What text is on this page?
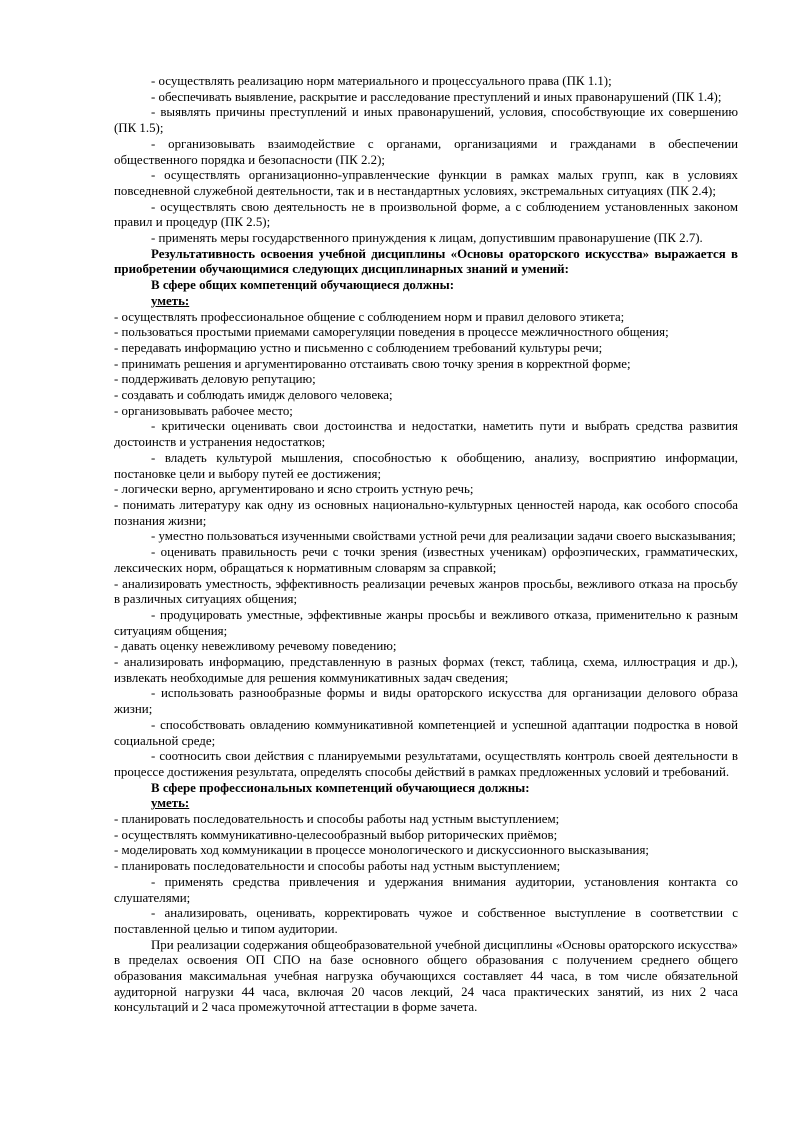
- осуществлять реализацию норм материального и процессуального права (ПК 1.1);

- обеспечивать выявление, раскрытие и расследование преступлений и иных правонарушений (ПК 1.4);

- выявлять причины преступлений и иных правонарушений, условия, способствующие их совершению (ПК 1.5);

- организовывать взаимодействие с органами, организациями и гражданами в обеспечении общественного порядка и безопасности (ПК 2.2);

- осуществлять организационно-управленческие функции в рамках малых групп, как в условиях повседневной служебной деятельности, так и в нестандартных условиях, экстремальных ситуациях (ПК 2.4);

- осуществлять свою деятельность не в произвольной форме, а с соблюдением установленных законом правил и процедур (ПК 2.5);

- применять меры государственного принуждения к лицам, допустившим правонарушение (ПК 2.7).

Результативность освоения учебной дисциплины «Основы ораторского искусства» выражается в приобретении обучающимися следующих дисциплинарных знаний и умений:

В сфере общих компетенций обучающиеся должны:

уметь:

- осуществлять профессиональное общение с соблюдением норм и правил делового этикета;

- пользоваться простыми приемами саморегуляции поведения в процессе межличностного общения;

- передавать информацию устно и письменно с соблюдением требований культуры речи;

- принимать решения и аргументированно отстаивать свою точку зрения в корректной форме;

- поддерживать деловую репутацию;

- создавать и соблюдать имидж делового человека;

- организовывать рабочее место;

- критически оценивать свои достоинства и недостатки, наметить пути и выбрать средства развития достоинств и устранения недостатков;

- владеть культурой мышления, способностью к обобщению, анализу, восприятию информации, постановке цели и выбору путей ее достижения;

- логически верно, аргументировано и ясно строить устную речь;

- понимать литературу как одну из основных национально-культурных ценностей народа, как особого способа познания жизни;

- уместно пользоваться изученными свойствами устной речи для реализации задачи своего высказывания;

- оценивать правильность речи с точки зрения (известных ученикам) орфоэпических, грамматических, лексических норм, обращаться к нормативным словарям за справкой;

- анализировать уместность, эффективность реализации речевых жанров просьбы, вежливого отказа на просьбу в различных ситуациях общения;

- продуцировать уместные, эффективные жанры просьбы и вежливого отказа, применительно к разным ситуациям общения;

- давать оценку невежливому речевому поведению;

- анализировать информацию, представленную в разных формах (текст, таблица, схема, иллюстрация и др.), извлекать необходимые для решения коммуникативных задач сведения;

- использовать разнообразные формы и виды ораторского искусства для организации делового образа жизни;

- способствовать овладению коммуникативной компетенцией и успешной адаптации подростка в новой социальной среде;

- соотносить свои действия с планируемыми результатами, осуществлять контроль своей деятельности в процессе достижения результата, определять способы действий в рамках предложенных условий и требований.

В сфере профессиональных компетенций обучающиеся должны:

уметь:

- планировать последовательность и способы работы над устным выступлением;

- осуществлять коммуникативно-целесообразный выбор риторических приёмов;

- моделировать ход коммуникации в процессе монологического и дискуссионного высказывания;

- планировать последовательности и способы работы над устным выступлением;

- применять средства привлечения и удержания внимания аудитории, установления контакта со слушателями;

- анализировать, оценивать, корректировать чужое и собственное выступление в соответствии с поставленной целью и типом аудитории.

При реализации содержания общеобразовательной учебной дисциплины «Основы ораторского искусства» в пределах освоения ОП СПО на базе основного общего образования с получением среднего общего образования максимальная учебная нагрузка обучающихся составляет 44 часа, в том числе обязательной аудиторной нагрузки 44 часа, включая 20 часов лекций, 24 часа практических занятий, из них 2 часа консультаций и 2 часа промежуточной аттестации в форме зачета.
